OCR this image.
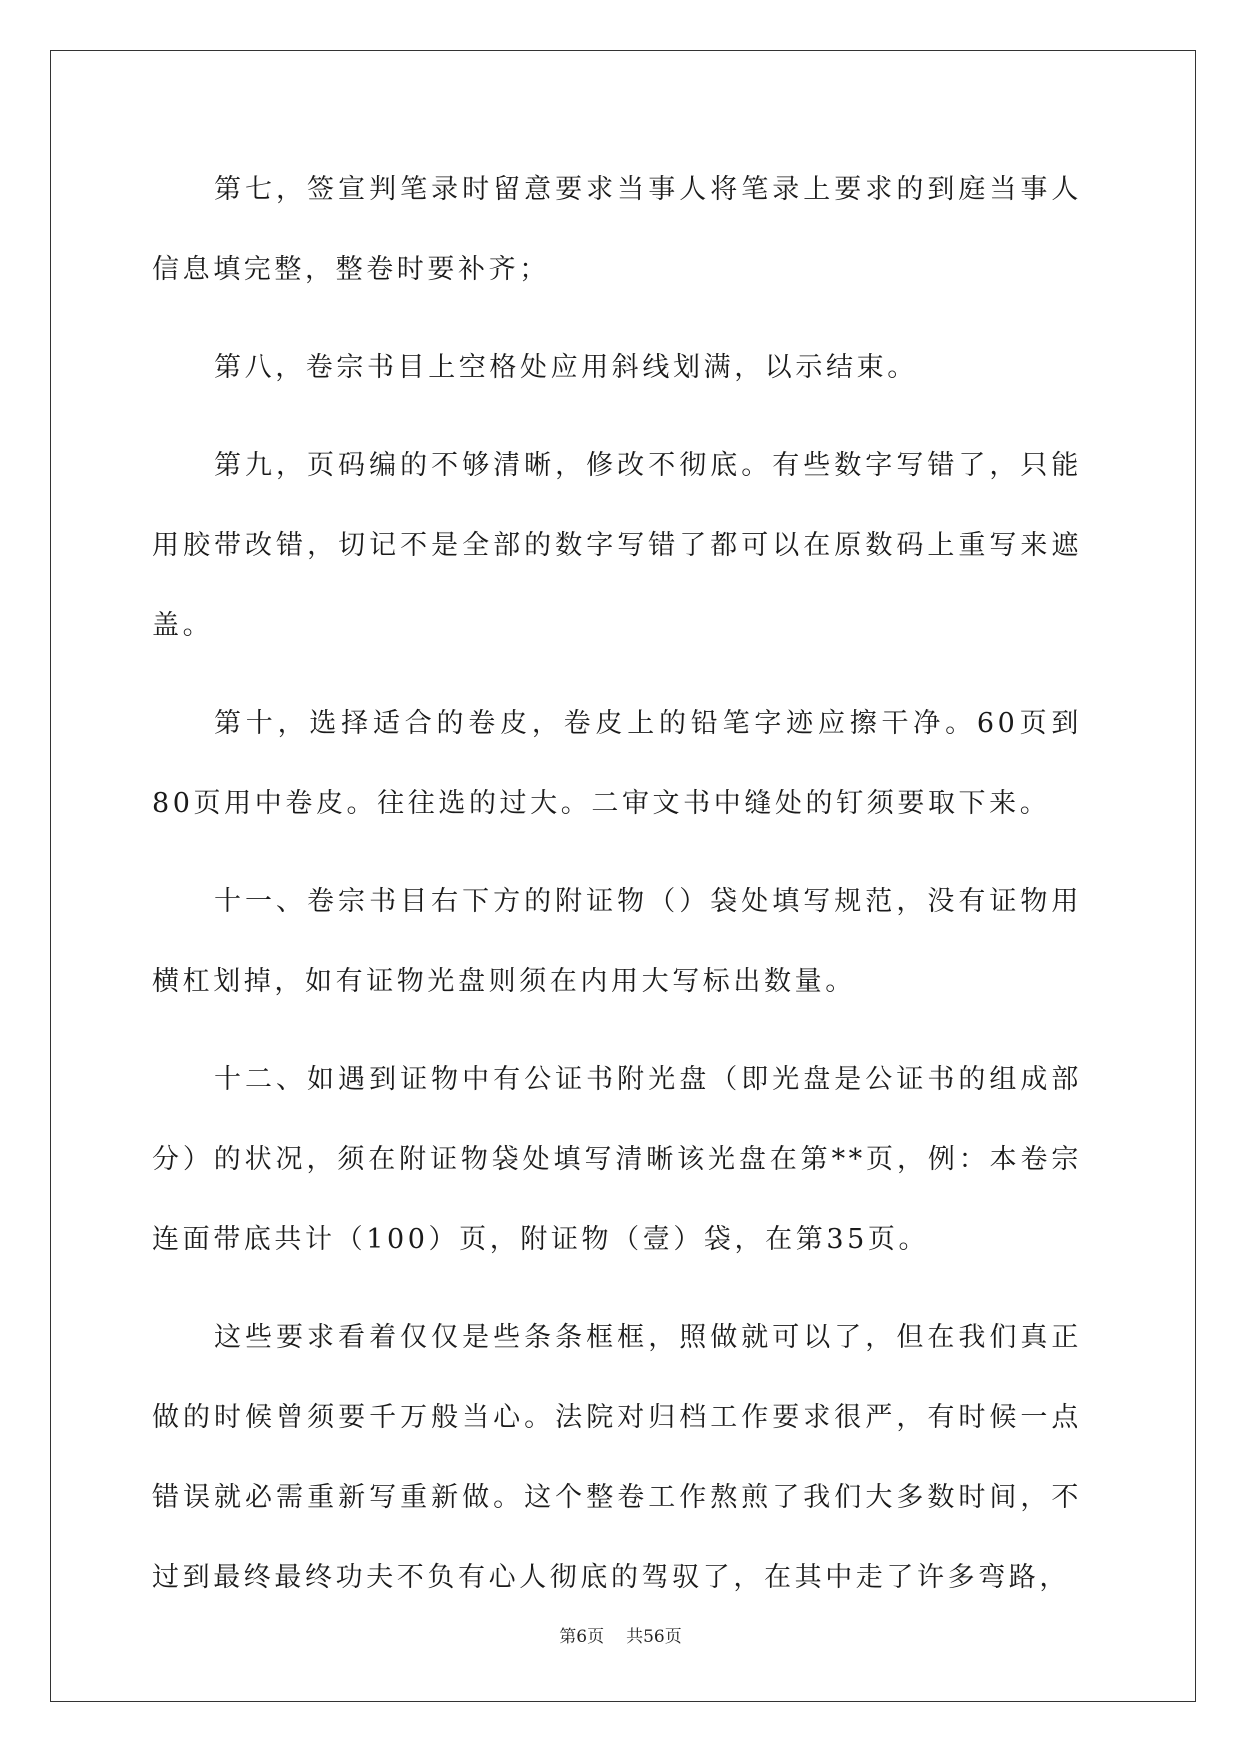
第七，签宣判笔录时留意要求当事人将笔录上要求的到庭当事人信息填完整，整卷时要补齐；

第八，卷宗书目上空格处应用斜线划满，以示结束。

第九，页码编的不够清晰，修改不彻底。有些数字写错了，只能用胶带改错，切记不是全部的数字写错了都可以在原数码上重写来遮盖。

第十，选择适合的卷皮，卷皮上的铅笔字迹应擦干净。60页到80页用中卷皮。往往选的过大。二审文书中缝处的钉须要取下来。

十一、卷宗书目右下方的附证物（）袋处填写规范，没有证物用横杠划掉，如有证物光盘则须在内用大写标出数量。

十二、如遇到证物中有公证书附光盘（即光盘是公证书的组成部分）的状况，须在附证物袋处填写清晰该光盘在第**页，例：本卷宗连面带底共计（100）页，附证物（壹）袋，在第35页。

这些要求看着仅仅是些条条框框，照做就可以了，但在我们真正做的时候曾须要千万般当心。法院对归档工作要求很严，有时候一点错误就必需重新写重新做。这个整卷工作熬煎了我们大多数时间，不过到最终最终功夫不负有心人彻底的驾驭了，在其中走了许多弯路，

第6页 共56页
